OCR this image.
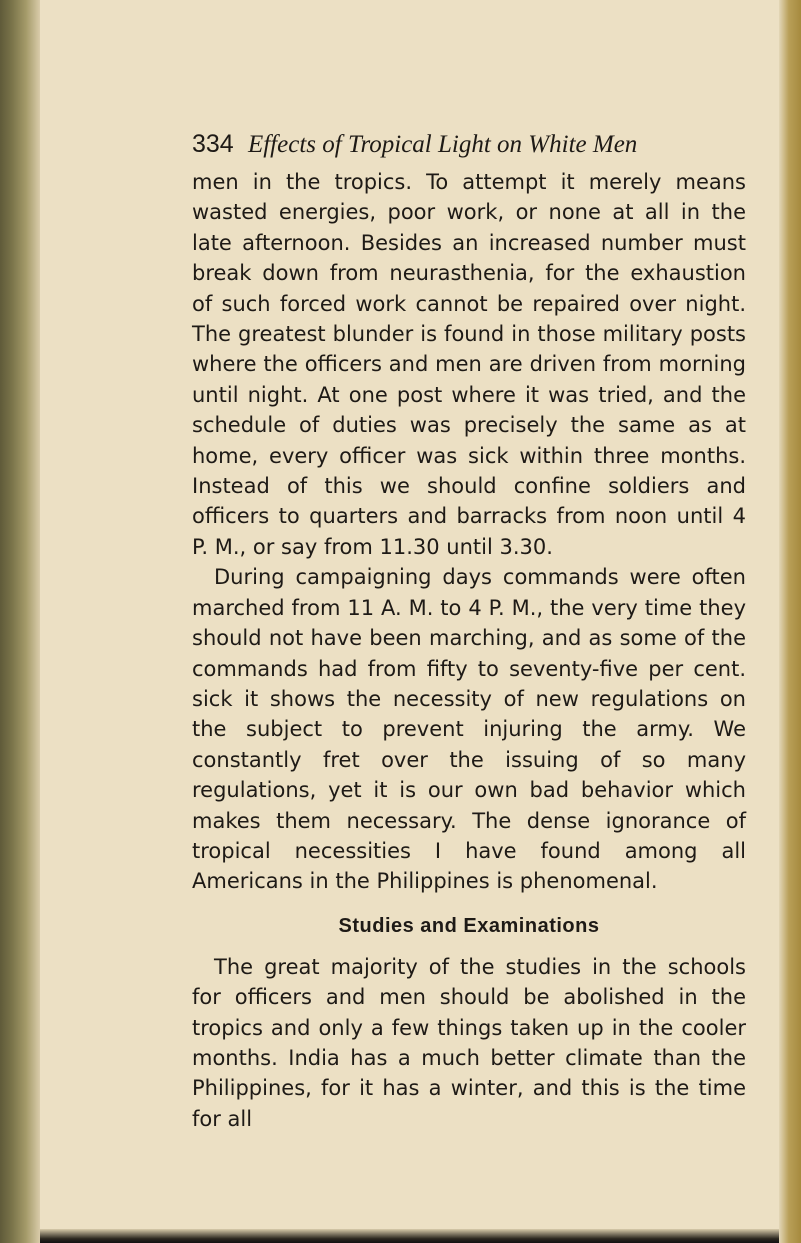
334 Effects of Tropical Light on White Men

men in the tropics. To attempt it merely means wasted energies, poor work, or none at all in the late afternoon. Besides an increased number must break down from neurasthenia, for the exhaustion of such forced work cannot be repaired over night. The greatest blunder is found in those military posts where the officers and men are driven from morning until night. At one post where it was tried, and the schedule of duties was precisely the same as at home, every officer was sick within three months. Instead of this we should confine soldiers and officers to quarters and barracks from noon until 4 P. M., or say from 11.30 until 3.30.

During campaigning days commands were often marched from 11 A. M. to 4 P. M., the very time they should not have been marching, and as some of the commands had from fifty to seventy-five per cent. sick it shows the necessity of new regulations on the subject to prevent injuring the army. We constantly fret over the issuing of so many regulations, yet it is our own bad behavior which makes them necessary. The dense ignorance of tropical necessities I have found among all Americans in the Philippines is phenomenal.

Studies and Examinations

The great majority of the studies in the schools for officers and men should be abolished in the tropics and only a few things taken up in the cooler months. India has a much better climate than the Philippines, for it has a winter, and this is the time for all
